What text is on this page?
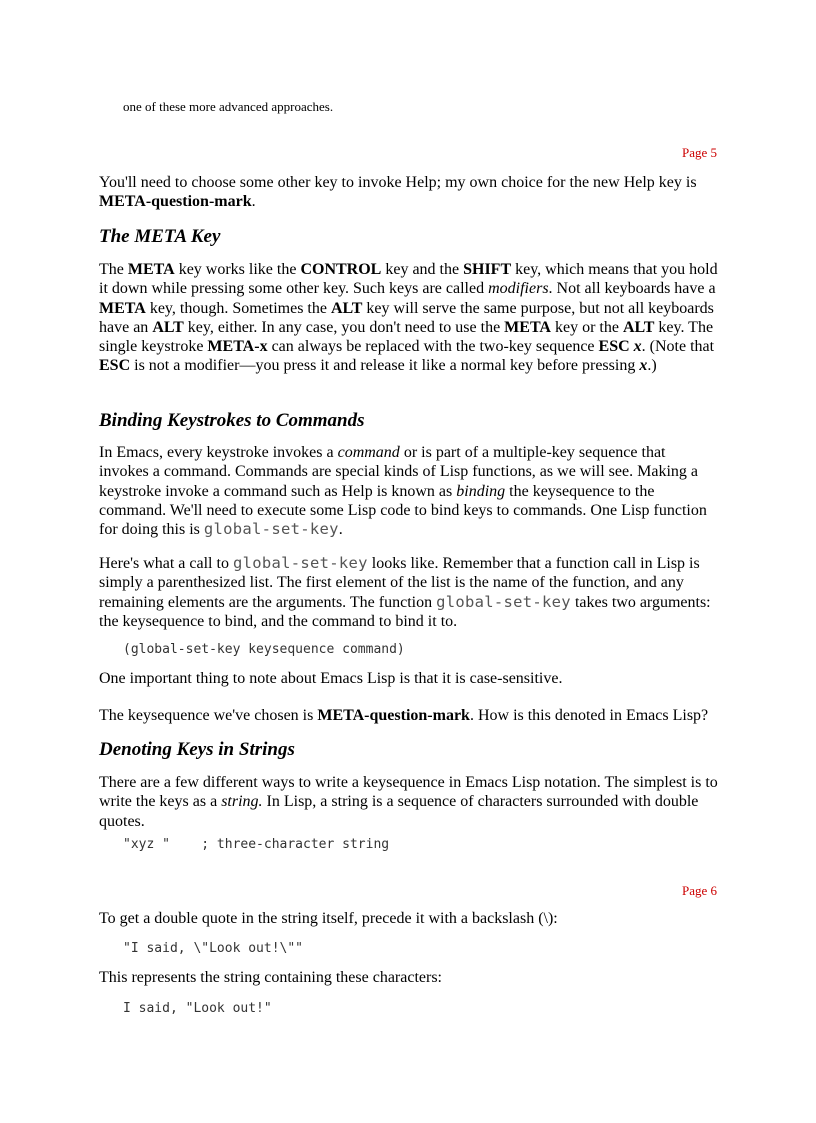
one of these more advanced approaches.

Page 5

You'll need to choose some other key to invoke Help; my own choice for the new Help key is META-question-mark.

The META Key

The META key works like the CONTROL key and the SHIFT key, which means that you hold it down while pressing some other key. Such keys are called modifiers. Not all keyboards have a META key, though. Sometimes the ALT key will serve the same purpose, but not all keyboards have an ALT key, either. In any case, you don't need to use the META key or the ALT key. The single keystroke META-x can always be replaced with the two-key sequence ESC x. (Note that ESC is not a modifier—you press it and release it like a normal key before pressing x.)

Binding Keystrokes to Commands

In Emacs, every keystroke invokes a command or is part of a multiple-key sequence that invokes a command. Commands are special kinds of Lisp functions, as we will see. Making a keystroke invoke a command such as Help is known as binding the keysequence to the command. We'll need to execute some Lisp code to bind keys to commands. One Lisp function for doing this is global-set-key.

Here's what a call to global-set-key looks like. Remember that a function call in Lisp is simply a parenthesized list. The first element of the list is the name of the function, and any remaining elements are the arguments. The function global-set-key takes two arguments: the keysequence to bind, and the command to bind it to.

(global-set-key keysequence command)

One important thing to note about Emacs Lisp is that it is case-sensitive.

The keysequence we've chosen is META-question-mark. How is this denoted in Emacs Lisp?

Denoting Keys in Strings

There are a few different ways to write a keysequence in Emacs Lisp notation. The simplest is to write the keys as a string. In Lisp, a string is a sequence of characters surrounded with double quotes.

"xyz "    ; three-character string

Page 6

To get a double quote in the string itself, precede it with a backslash (\):

"I said, \"Look out!\""

This represents the string containing these characters:

I said, "Look out!"
